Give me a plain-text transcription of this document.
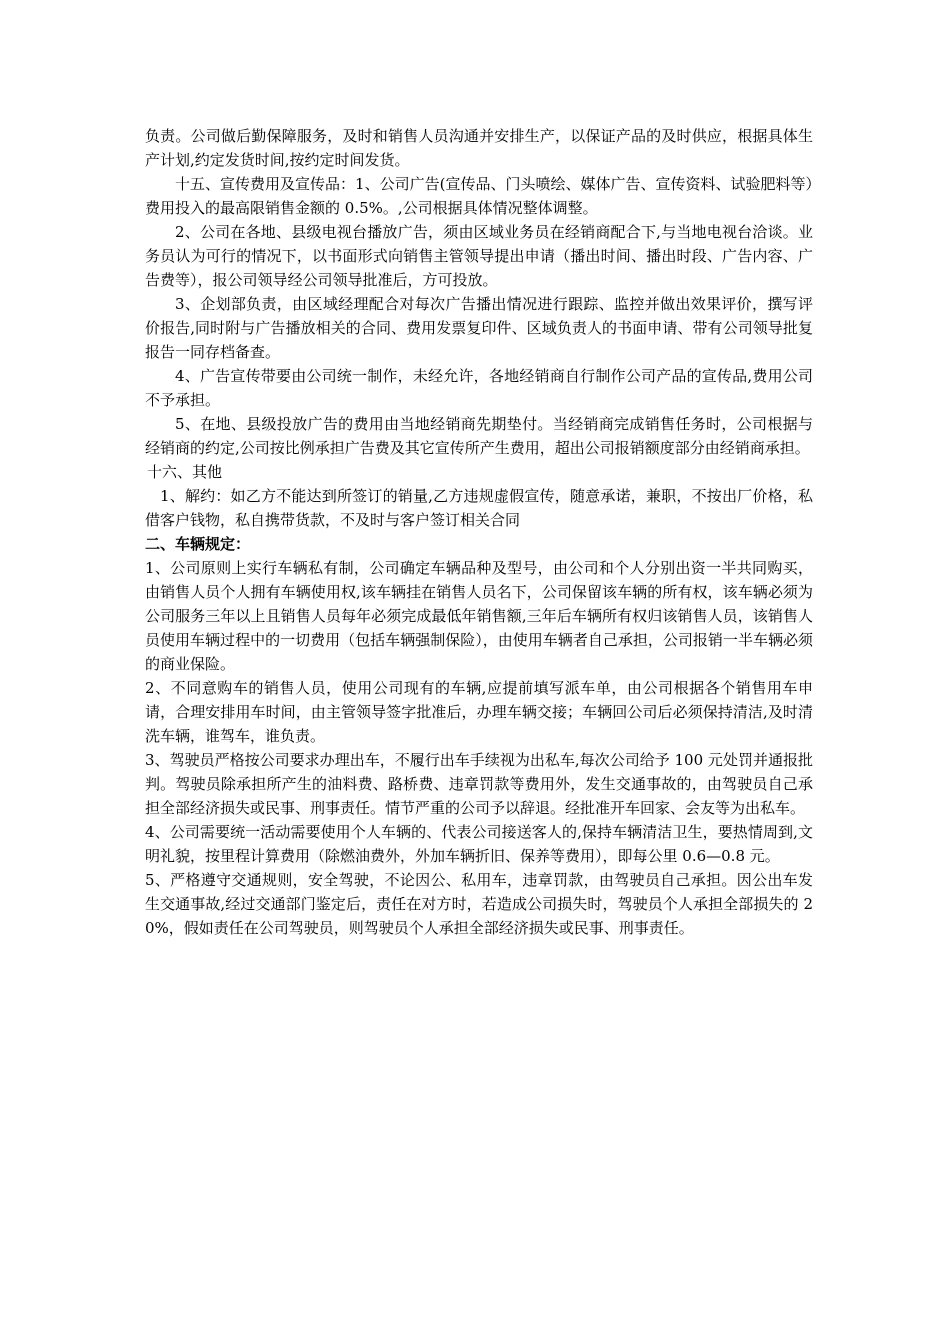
负责。公司做后勤保障服务，及时和销售人员沟通并安排生产，以保证产品的及时供应，根据具体生产计划,约定发货时间,按约定时间发货。

十五、宣传费用及宣传品：1、公司广告(宣传品、门头喷绘、媒体广告、宣传资料、试验肥料等）费用投入的最高限销售金额的 0.5%。,公司根据具体情况整体调整。

2、公司在各地、县级电视台播放广告，须由区域业务员在经销商配合下,与当地电视台洽谈。业务员认为可行的情况下，以书面形式向销售主管领导提出申请（播出时间、播出时段、广告内容、广告费等），报公司领导经公司领导批准后，方可投放。

3、企划部负责，由区域经理配合对每次广告播出情况进行跟踪、监控并做出效果评价，撰写评价报告,同时附与广告播放相关的合同、费用发票复印件、区域负责人的书面申请、带有公司领导批复报告一同存档备查。

4、广告宣传带要由公司统一制作，未经允许，各地经销商自行制作公司产品的宣传品,费用公司不予承担。

5、在地、县级投放广告的费用由当地经销商先期垫付。当经销商完成销售任务时，公司根据与经销商的约定,公司按比例承担广告费及其它宣传所产生费用，超出公司报销额度部分由经销商承担。

十六、其他

1、解约：如乙方不能达到所签订的销量,乙方违规虚假宣传，随意承诺，兼职，不按出厂价格，私借客户钱物，私自携带货款，不及时与客户签订相关合同

二、车辆规定：

1、公司原则上实行车辆私有制，公司确定车辆品种及型号，由公司和个人分别出资一半共同购买，由销售人员个人拥有车辆使用权,该车辆挂在销售人员名下，公司保留该车辆的所有权，该车辆必须为公司服务三年以上且销售人员每年必须完成最低年销售额,三年后车辆所有权归该销售人员，该销售人员使用车辆过程中的一切费用（包括车辆强制保险），由使用车辆者自己承担，公司报销一半车辆必须的商业保险。

2、不同意购车的销售人员，使用公司现有的车辆,应提前填写派车单，由公司根据各个销售用车申请，合理安排用车时间，由主管领导签字批准后，办理车辆交接；车辆回公司后必须保持清洁,及时清洗车辆，谁驾车，谁负责。

3、驾驶员严格按公司要求办理出车，不履行出车手续视为出私车,每次公司给予 100 元处罚并通报批判。驾驶员除承担所产生的油料费、路桥费、违章罚款等费用外，发生交通事故的，由驾驶员自己承担全部经济损失或民事、刑事责任。情节严重的公司予以辞退。经批准开车回家、会友等为出私车。

4、公司需要统一活动需要使用个人车辆的、代表公司接送客人的,保持车辆清洁卫生，要热情周到,文明礼貌，按里程计算费用（除燃油费外，外加车辆折旧、保养等费用），即每公里 0.6—0.8 元。

5、严格遵守交通规则，安全驾驶，不论因公、私用车，违章罚款，由驾驶员自己承担。因公出车发生交通事故,经过交通部门鉴定后，责任在对方时，若造成公司损失时，驾驶员个人承担全部损失的 20%，假如责任在公司驾驶员，则驾驶员个人承担全部经济损失或民事、刑事责任。
